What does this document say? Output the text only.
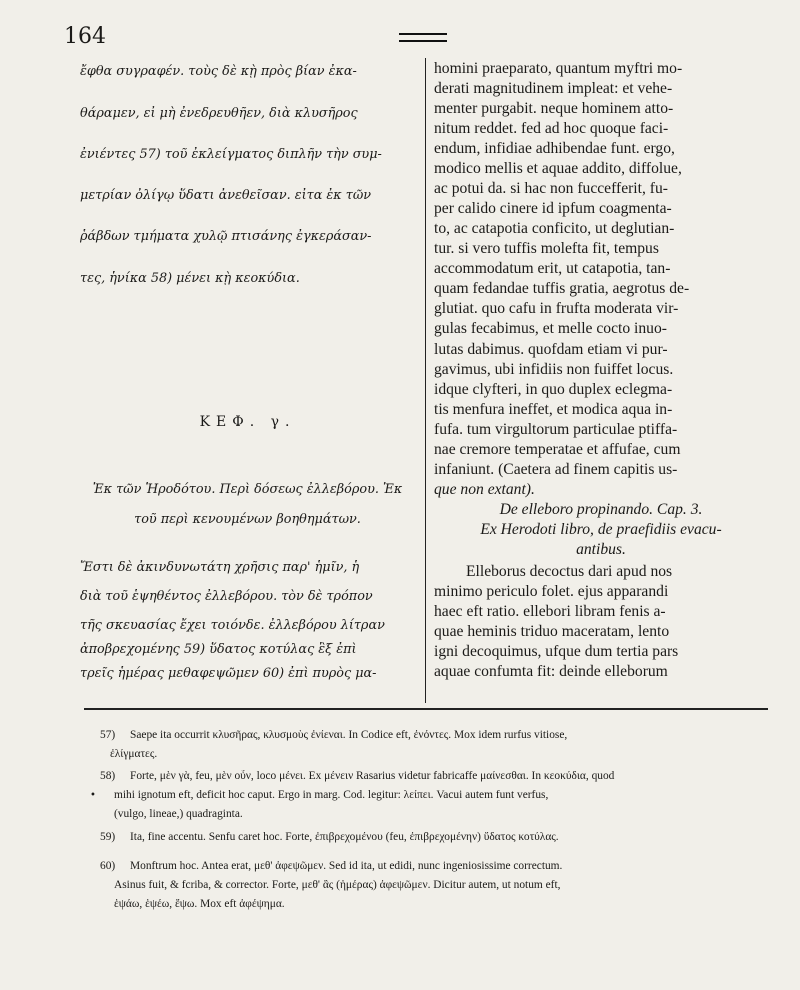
164
ἔφθα συγραφέν. τοὺς δὲ κῂ πρὸς βίαν ἐκα-
θάραμεν, εἰ μὴ ἐνεδρευθῆεν, διὰ κλυσῆρος
ἐνιέντες 57) τοῦ ἐκλείγματος διπλῆν τὴν συμ-
μετρίαν ὀλίγῳ ὕδατι ἀνεθεῖσαν. εἶτα ἐκ τῶν
ῥάβδων τμήματα χυλῷ πτισάνης ἐγκεράσαν-
τες, ἡνίκα 58) μένει κῂ κεοκύδια.
ΚΕΦ. γ.
Ἐκ τῶν Ἡροδότου. Περὶ δόσεως ἐλλεβόρου. Ἐκ
τοῦ περὶ κενουμένων βοηθημάτων.
Ἔστι δὲ ἀκινδυνωτάτη χρῆσις παρ' ἡμῖν, ἡ
διὰ τοῦ ἑψηθέντος ἐλλεβόρου. τὸν δὲ τρόπον
τῆς σκευασίας ἔχει τοιόνδε. ἐλλεβόρου λίτραν
ἀποβρεχομένης 59) ὕδατος κοτύλας ἓξ ἐπὶ
τρεῖς ἡμέρας μεθαφεψῶμεν 60) ἐπὶ πυρὸς μα-
homini praeparato, quantum myftri mo-
derati magnitudinem impleat: et vehe-
menter purgabit. neque hominem atto-
nitum reddet. fed ad hoc quoque faci-
endum, infidiae adhibendae funt. ergo,
modico mellis et aquae addito, diffolue,
ac potui da. si hac non fuccefferit, fu-
per calido cinere id ipfum coagmenta-
to, ac catapotia conficito, ut deglutian-
tur. si vero tuffis molefta fit, tempus
accommodatum erit, ut catapotia, tan-
quam fedandae tuffis gratia, aegrotus de-
glutiat. quo cafu in frufta moderata vir-
gulas fecabimus, et melle cocto inuo-
lutas dabimus. quofdam etiam vi pur-
gavimus, ubi infidiis non fuiffet locus.
idque clyfteri, in quo duplex eclegma-
tis menfura ineffet, et modica aqua in-
fufa. tum virgultorum particulae ptiffa-
nae cremore temperatae et affufae, cum
infaniunt. (Caetera ad finem capitis us-
que non extant).
De elleboro propinando. Cap. 3.
Ex Herodoti libro, de praefidiis evacu-
antibus.
Elleborus decoctus dari apud nos
minimo periculo folet. ejus apparandi
haec eft ratio. ellebori libram fenis a-
quae heminis triduo maceratam, lento
igni decoquimus, ufque dum tertia pars
aquae confumta fit: deinde elleborum
57)	Saepe ita occurrit κλυσῆρας, κλυσμοὺς ἐνίεναι. In Codice eft, ἐνόντες. Mox idem rurfus vitiose,
ἐλίγματες.
58)	Forte, μὲν γὰ, feu, μὲν οὖν, loco μένει. Ex μένειν Rasarius videtur fabricaffe μαίνεσθαι. In κεοκύδια, quod
• mihi ignotum eft, deficit hoc caput. Ergo in marg. Cod. legitur: λείπει. Vacui autem funt verfus,
(vulgo, lineae,) quadraginta.
59)	Ita, fine accentu. Senfu caret hoc. Forte, ἐπιβρεχομένου (feu, ἐπιβρεχομένην) ὕδατος κοτύλας.
60)	Monftrum hoc. Antea erat, μεθ' ἀφεψῶμεν. Sed id ita, ut edidi, nunc ingeniosissime correctum.
Asinus fuit, & fcriba, & corrector. Forte, μεθ' ἃς (ἡμέρας) ἀφεψῶμεν. Dicitur autem, ut notum eft,
ἑψάω, ἑψέω, ἕψω. Mox eft ἀφέψημα.
